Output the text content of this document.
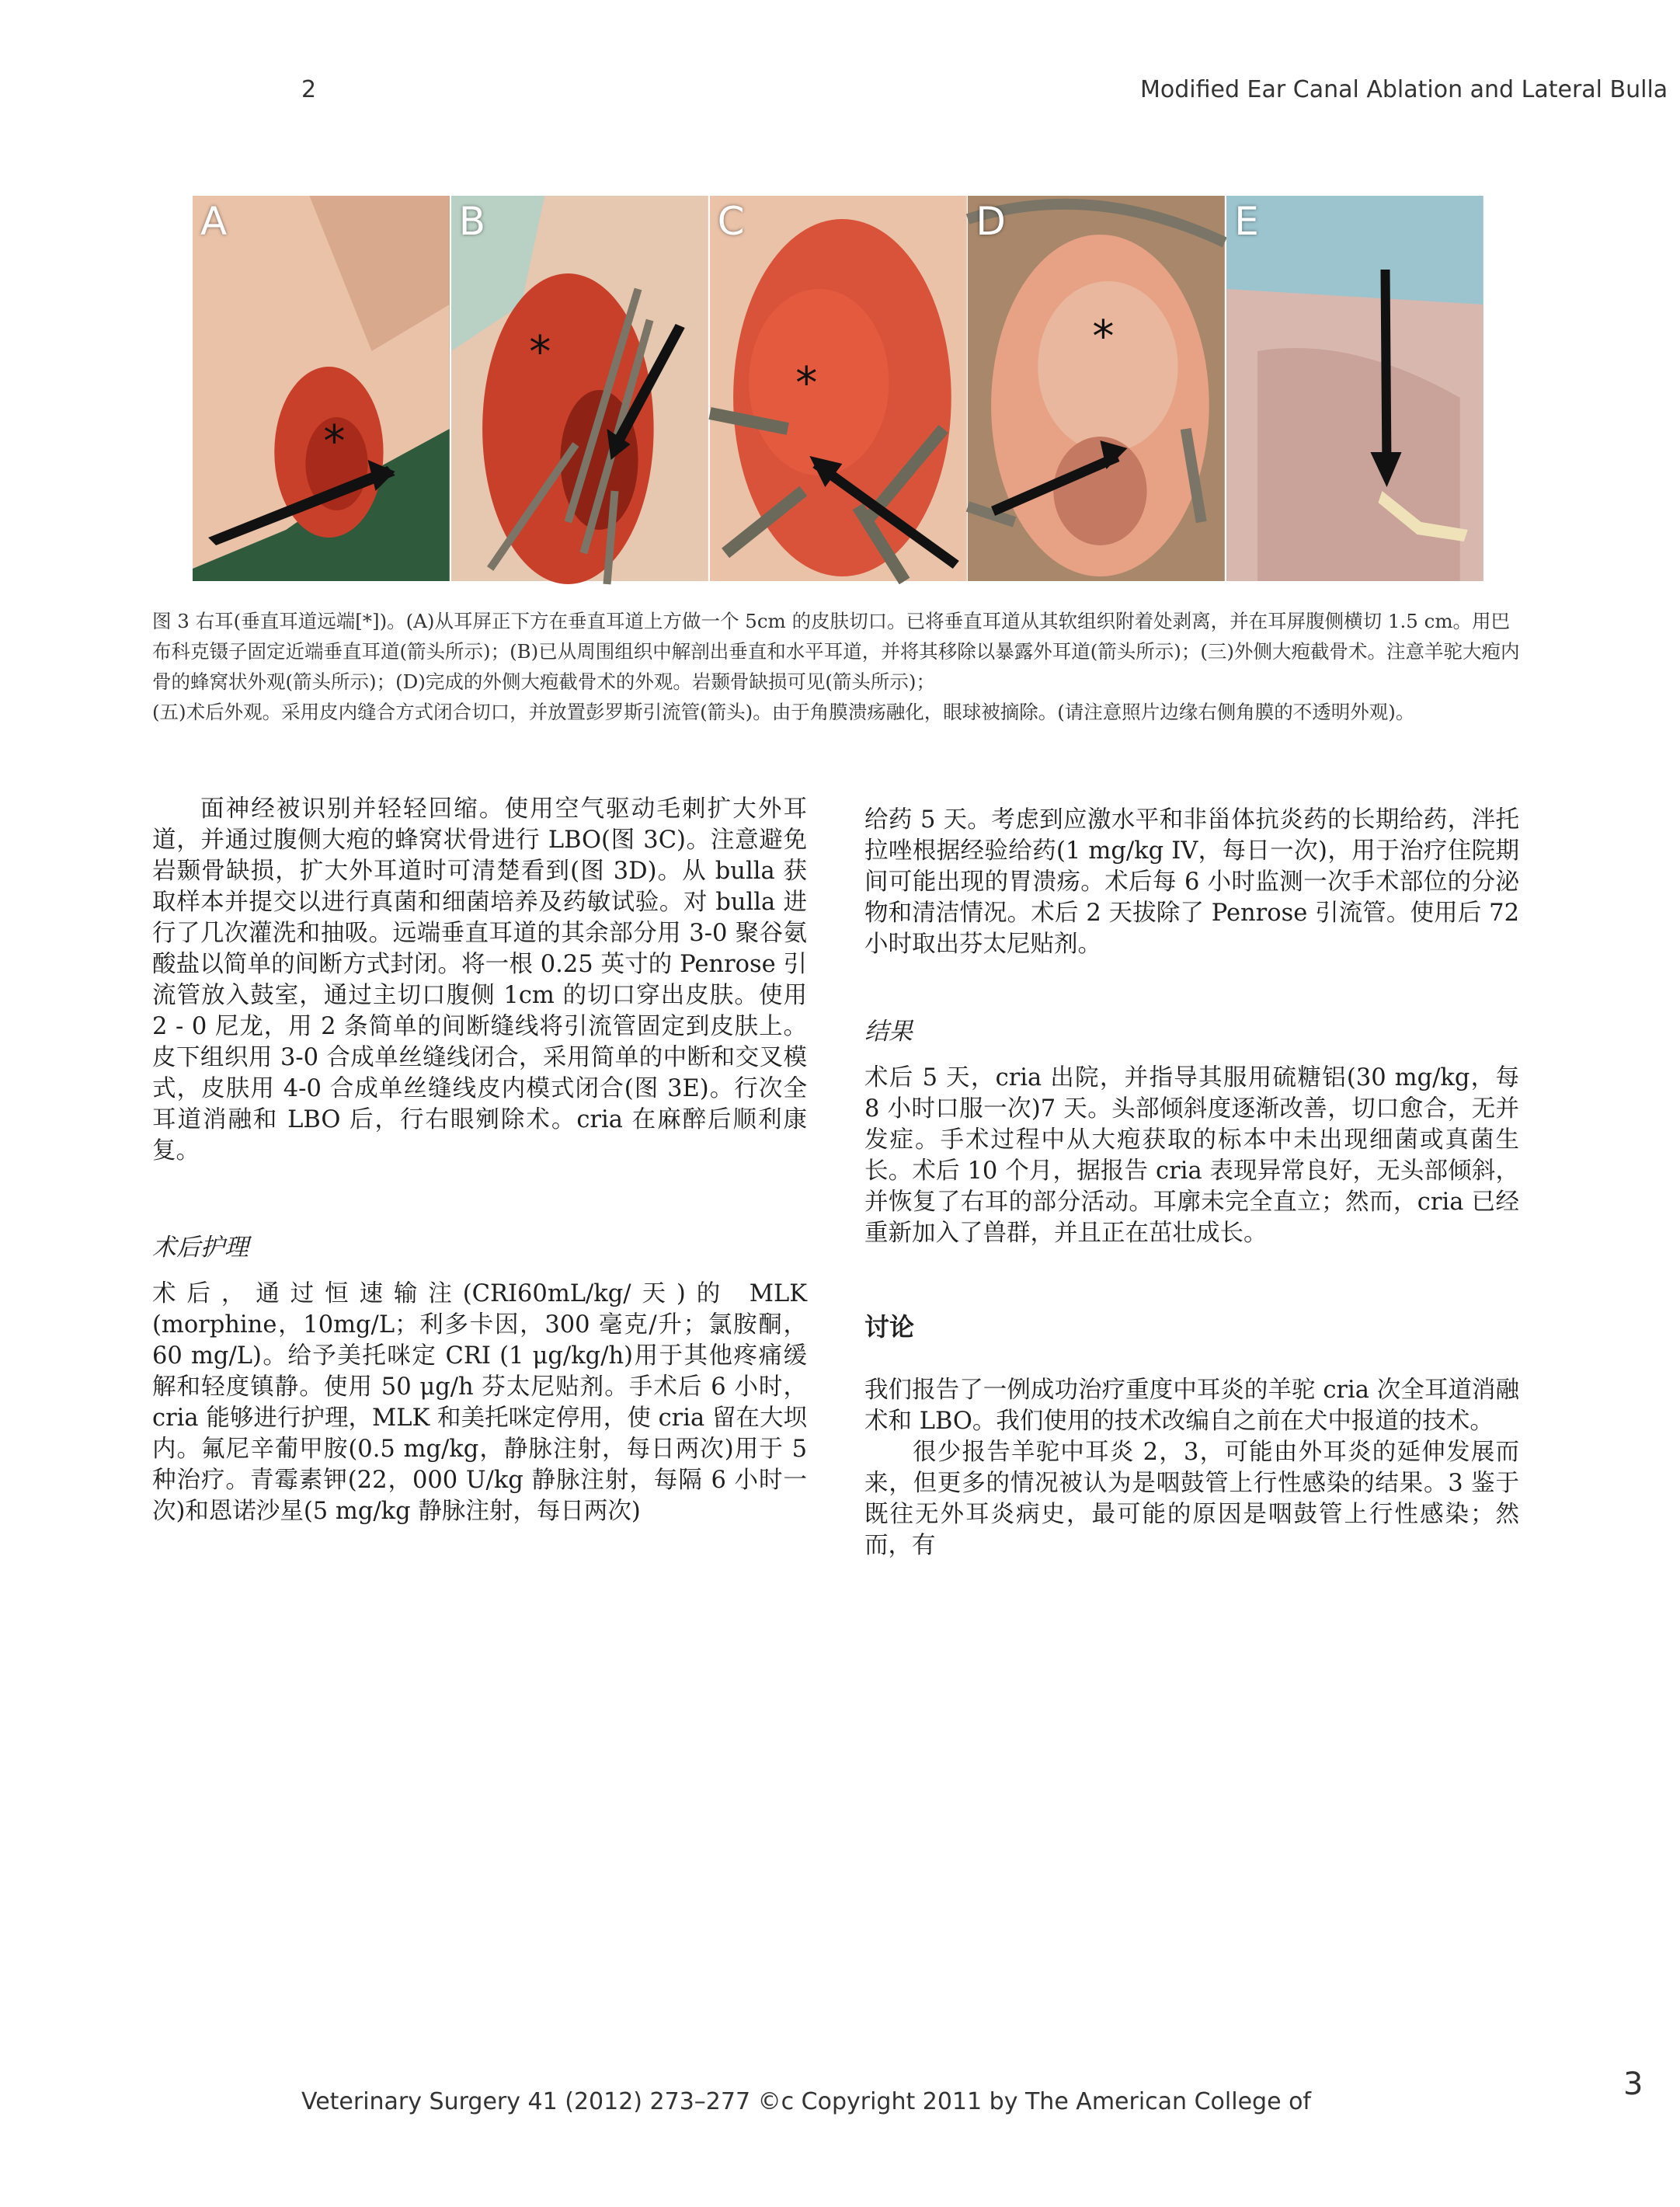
2	Modified Ear Canal Ablation and Lateral Bulla
*
A
*
B
*
C
*
D	E

图 3 右耳(垂直耳道远端[*])。(A)从耳屏正下方在垂直耳道上方做一个 5cm 的皮肤切口。已将垂直耳道从其软组织附着处剥离，并在耳屏腹侧横切 1.5 cm。用巴布科克镊子固定近端垂直耳道(箭头所示)；(B)已从周围组织中解剖出垂直和水平耳道，并将其移除以暴露外耳道(箭头所示)；(三)外侧大疱截骨术。注意羊驼大疱内骨的蜂窝状外观(箭头所示)；(D)完成的外侧大疱截骨术的外观。岩颞骨缺损可见(箭头所示)；

(五)术后外观。采用皮内缝合方式闭合切口，并放置彭罗斯引流管(箭头)。由于角膜溃疡融化，眼球被摘除。(请注意照片边缘右侧角膜的不透明外观)。

面神经被识别并轻轻回缩。使用空气驱动毛刺扩大外耳道，并通过腹侧大疱的蜂窝状骨进行 LBO(图 3C)。注意避免岩颞骨缺损，扩大外耳道时可清楚看到(图 3D)。从 bulla 获取样本并提交以进行真菌和细菌培养及药敏试验。对 bulla 进行了几次灌洗和抽吸。远端垂直耳道的其余部分用 3-0 聚谷氨酸盐以简单的间断方式封闭。将一根 0.25 英寸的 Penrose 引流管放入鼓室，通过主切口腹侧 1cm 的切口穿出皮肤。使用 2 - 0 尼龙，用 2 条简单的间断缝线将引流管固定到皮肤上。皮下组织用 3-0 合成单丝缝线闭合，采用简单的中断和交叉模式，皮肤用 4-0 合成单丝缝线皮内模式闭合(图 3E)。行次全耳道消融和 LBO 后，行右眼剜除术。cria 在麻醉后顺利康复。

术后护理

术后，通过恒速输注(CRI60mL/kg/天)的 MLK (morphine，10mg/L；利多卡因，300 毫克/升；氯胺酮，60 mg/L)。给予美托咪定 CRI (1 μg/kg/h)用于其他疼痛缓解和轻度镇静。使用 50 μg/h 芬太尼贴剂。手术后 6 小时，cria 能够进行护理，MLK 和美托咪定停用，使 cria 留在大坝内。氟尼辛葡甲胺(0.5 mg/kg，静脉注射，每日两次)用于 5 种治疗。青霉素钾(22，000 U/kg 静脉注射，每隔 6 小时一次)和恩诺沙星(5 mg/kg 静脉注射，每日两次)

给药 5 天。考虑到应激水平和非甾体抗炎药的长期给药，泮托拉唑根据经验给药(1 mg/kg IV，每日一次)，用于治疗住院期间可能出现的胃溃疡。术后每 6 小时监测一次手术部位的分泌物和清洁情况。术后 2 天拔除了 Penrose 引流管。使用后 72 小时取出芬太尼贴剂。

结果

术后 5 天，cria 出院，并指导其服用硫糖铝(30 mg/kg，每 8 小时口服一次)7 天。头部倾斜度逐渐改善，切口愈合，无并发症。手术过程中从大疱获取的标本中未出现细菌或真菌生长。术后 10 个月，据报告 cria 表现异常良好，无头部倾斜，并恢复了右耳的部分活动。耳廓未完全直立；然而，cria 已经重新加入了兽群，并且正在茁壮成长。

讨论

我们报告了一例成功治疗重度中耳炎的羊驼 cria 次全耳道消融术和 LBO。我们使用的技术改编自之前在犬中报道的技术。

很少报告羊驼中耳炎 2，3，可能由外耳炎的延伸发展而来，但更多的情况被认为是咽鼓管上行性感染的结果。3 鉴于既往无外耳炎病史，最可能的原因是咽鼓管上行性感染；然而，有

Veterinary Surgery 41 (2012) 273–277 ©c Copyright 2011 by The American College of	3
